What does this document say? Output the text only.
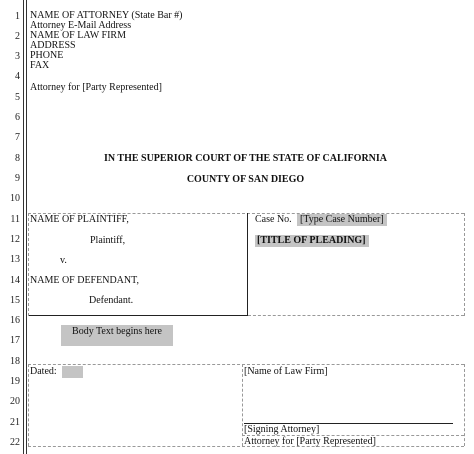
1
2
3
4
5
6
7
8
9
10
11
12
13
14
15
16
17
18
19
20
21
22
NAME OF ATTORNEY (State Bar #)
Attorney E-Mail Address
NAME OF LAW FIRM
ADDRESS
PHONE
FAX
Attorney for [Party Represented]
IN THE SUPERIOR COURT OF THE STATE OF CALIFORNIA
COUNTY OF SAN DIEGO
NAME OF PLAINTIFF,
Plaintiff,
v.
NAME OF DEFENDANT,
Defendant.
Case No. [Type Case Number]
[TITLE OF PLEADING]
Body Text begins here
Dated:	[Name of Law Firm]
[Signing Attorney]
Attorney for [Party Represented]
